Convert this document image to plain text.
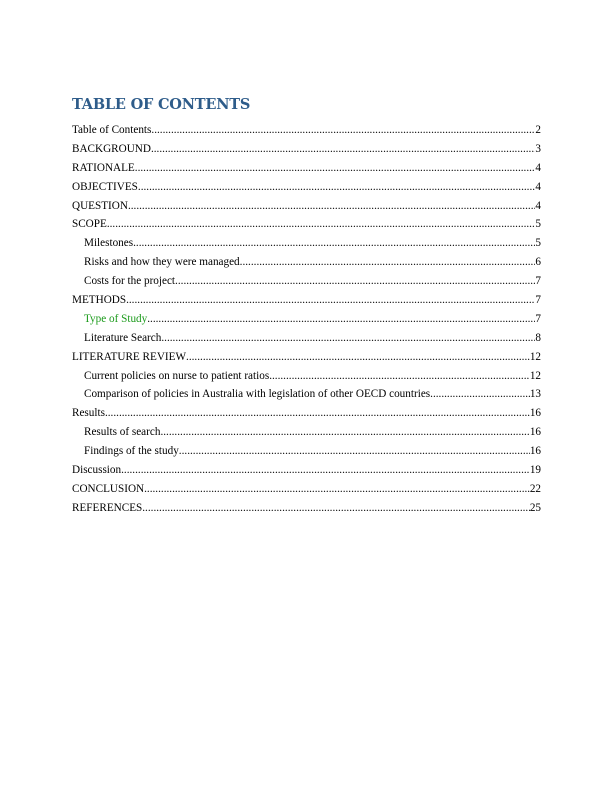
TABLE OF CONTENTS
Table of Contents .....	2
BACKGROUND .....	3
RATIONALE .....	4
OBJECTIVES .....	4
QUESTION .....	4
SCOPE .....	5
Milestones .....	5
Risks and how they were managed .....	6
Costs for the project .....	7
METHODS .....	7
Type of Study .....	7
Literature Search .....	8
LITERATURE REVIEW .....	12
Current policies on nurse to patient ratios .....	12
Comparison of policies in Australia with legislation of other OECD countries .....	13
Results .....	16
Results of search .....	16
Findings of the study .....	16
Discussion .....	19
CONCLUSION .....	22
REFERENCES .....	25
